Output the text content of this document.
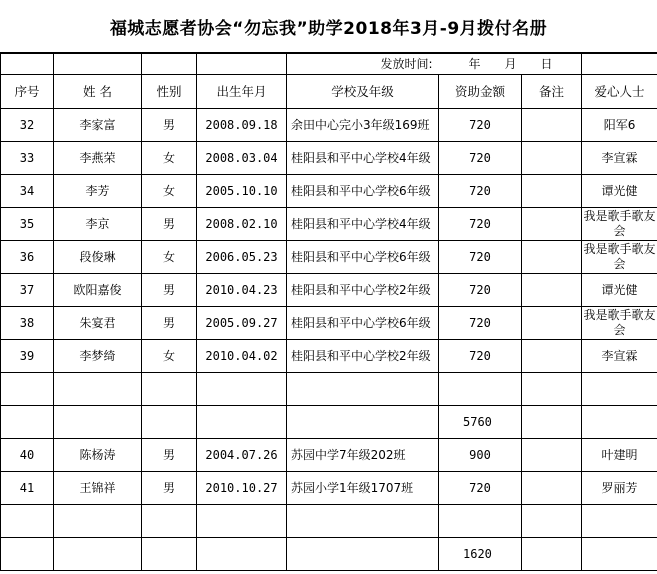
福城志愿者协会“勿忘我”助学2018年3月-9月拨付名册
				发放时间:	年　　月　　日		
序号	姓 名	性别	出生年月	学校及年级	资助金额	备注	爱心人士
32	李家富	男	2008.09.18	余田中心完小3年级169班	720		阳军6
33	李燕荣	女	2008.03.04	桂阳县和平中心学校4年级	720		李宣霖
34	李芳	女	2005.10.10	桂阳县和平中心学校6年级	720		谭光健
35	李京	男	2008.02.10	桂阳县和平中心学校4年级	720		我是歌手歌友会
36	段俊琳	女	2006.05.23	桂阳县和平中心学校6年级	720		我是歌手歌友会
37	欧阳嘉俊	男	2010.04.23	桂阳县和平中心学校2年级	720		谭光健
38	朱宴君	男	2005.09.27	桂阳县和平中心学校6年级	720		我是歌手歌友会
39	李梦绮	女	2010.04.02	桂阳县和平中心学校2年级	720		李宣霖

					5760		
40	陈杨涛	男	2004.07.26	苏园中学7年级202班	900		叶建明
41	王锦祥	男	2010.10.27	苏园小学1年级1707班	720		罗丽芳

					1620		
